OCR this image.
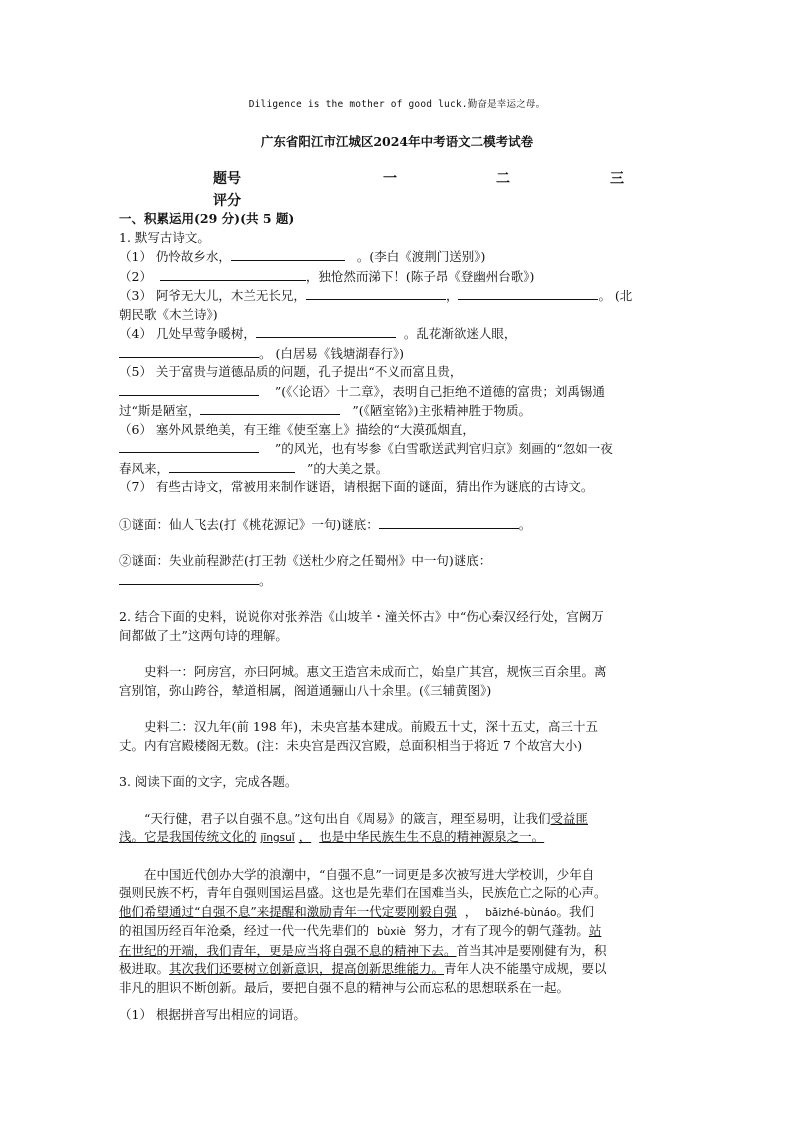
Diligence is the mother of good luck.勤奋是幸运之母。
广东省阳江市江城区2024年中考语文二模考试卷
题号	一	二	三
评分

一、积累运用(29 分)(共 5 题)

1. 默写古诗文。

（1） 仍怜故乡水，	。(李白《渡荆门送别》)

（2）	，独怆然而涕下！(陈子昂《登幽州台歌》)

（3） 阿爷无大儿，木兰无长兄，	，	。 (北

朝民歌《木兰诗》)

（4） 几处早莺争暖树，	。乱花渐欲迷人眼，

。 (白居易《钱塘湖春行》)

（5） 关于富贵与道德品质的问题，孔子提出“不义而富且贵，

”(《〈论语〉十二章》，表明自己拒绝不道德的富贵；刘禹锡通

过“斯是陋室，	”(《陋室铭》)主张精神胜于物质。

（6） 塞外风景绝美，有王维《使至塞上》描绘的“大漠孤烟直，

”的风光，也有岑参《白雪歌送武判官归京》刻画的“忽如一夜

春风来，	”的大美之景。

（7） 有些古诗文，常被用来制作谜语，请根据下面的谜面，猜出作为谜底的古诗文。

①谜面：仙人飞去(打《桃花源记》一句)谜底：	。

②谜面：失业前程渺茫(打王勃《送杜少府之任蜀州》中一句)谜底：

。

2. 结合下面的史料，说说你对张养浩《山坡羊・潼关怀古》中“伤心秦汉经行处，宫阙万

间都做了土”这两句诗的理解。

史料一：阿房宫，亦曰阿城。惠文王造宫未成而亡，始皇广其宫，规恢三百余里。离

宫别馆，弥山跨谷，辇道相属，阁道通骊山八十余里。(《三辅黄图》)

史料二：汉九年(前 198 年)，未央宫基本建成。前殿五十丈，深十五丈，高三十五

丈。内有宫殿楼阁无数。(注：未央宫是西汉宫殿，总面积相当于将近 7 个故宫大小)

3. 阅读下面的文字，完成各题。

“天行健，君子以自强不息。”这句出自《周易》的箴言，理至易明，让我们受益匪

浅。它是我国传统文化的 jīngsuǐ ， 也是中华民族生生不息的精神源泉之一。

在中国近代创办大学的浪潮中，“自强不息”一词更是多次被写进大学校训，少年自

强则民族不朽，青年自强则国运昌盛。这也是先辈们在国难当头，民族危亡之际的心声。

他们希望通过“自强不息”来提醒和激励青年一代定要刚毅自强 ， bǎizhé-bùnáo。我们

的祖国历经百年沧桑，经过一代一代先辈们的 bùxiè 努力，才有了现今的朝气蓬勃。站

在世纪的开端，我们青年，更是应当将自强不息的精神下去。首当其冲是要刚健有为，积

极进取。其次我们还要树立创新意识，提高创新思维能力。青年人决不能墨守成规，要以

非凡的胆识不断创新。最后，要把自强不息的精神与公而忘私的思想联系在一起。

（1） 根据拼音写出相应的词语。
